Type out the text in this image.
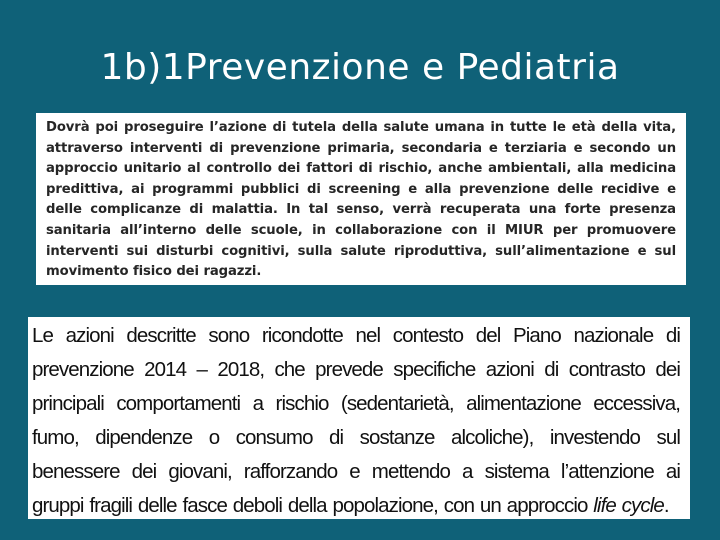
1b)1Prevenzione e Pediatria
Dovrà poi proseguire l’azione di tutela della salute umana in tutte le età della vita, attraverso interventi di prevenzione primaria, secondaria e terziaria e secondo un approccio unitario al controllo dei fattori di rischio, anche ambientali, alla medicina predittiva, ai programmi pubblici di screening e alla prevenzione delle recidive e delle complicanze di malattia. In tal senso, verrà recuperata una forte presenza sanitaria all’interno delle scuole, in collaborazione con il MIUR per promuovere interventi sui disturbi cognitivi, sulla salute riproduttiva, sull’alimentazione e sul movimento fisico dei ragazzi.
Le azioni descritte sono ricondotte nel contesto del Piano nazionale di prevenzione 2014 – 2018, che prevede specifiche azioni di contrasto dei principali comportamenti a rischio (sedentarietà, alimentazione eccessiva, fumo, dipendenze o consumo di sostanze alcoliche), investendo sul benessere dei giovani, rafforzando e mettendo a sistema l’attenzione ai gruppi fragili delle fasce deboli della popolazione, con un approccio life cycle.
